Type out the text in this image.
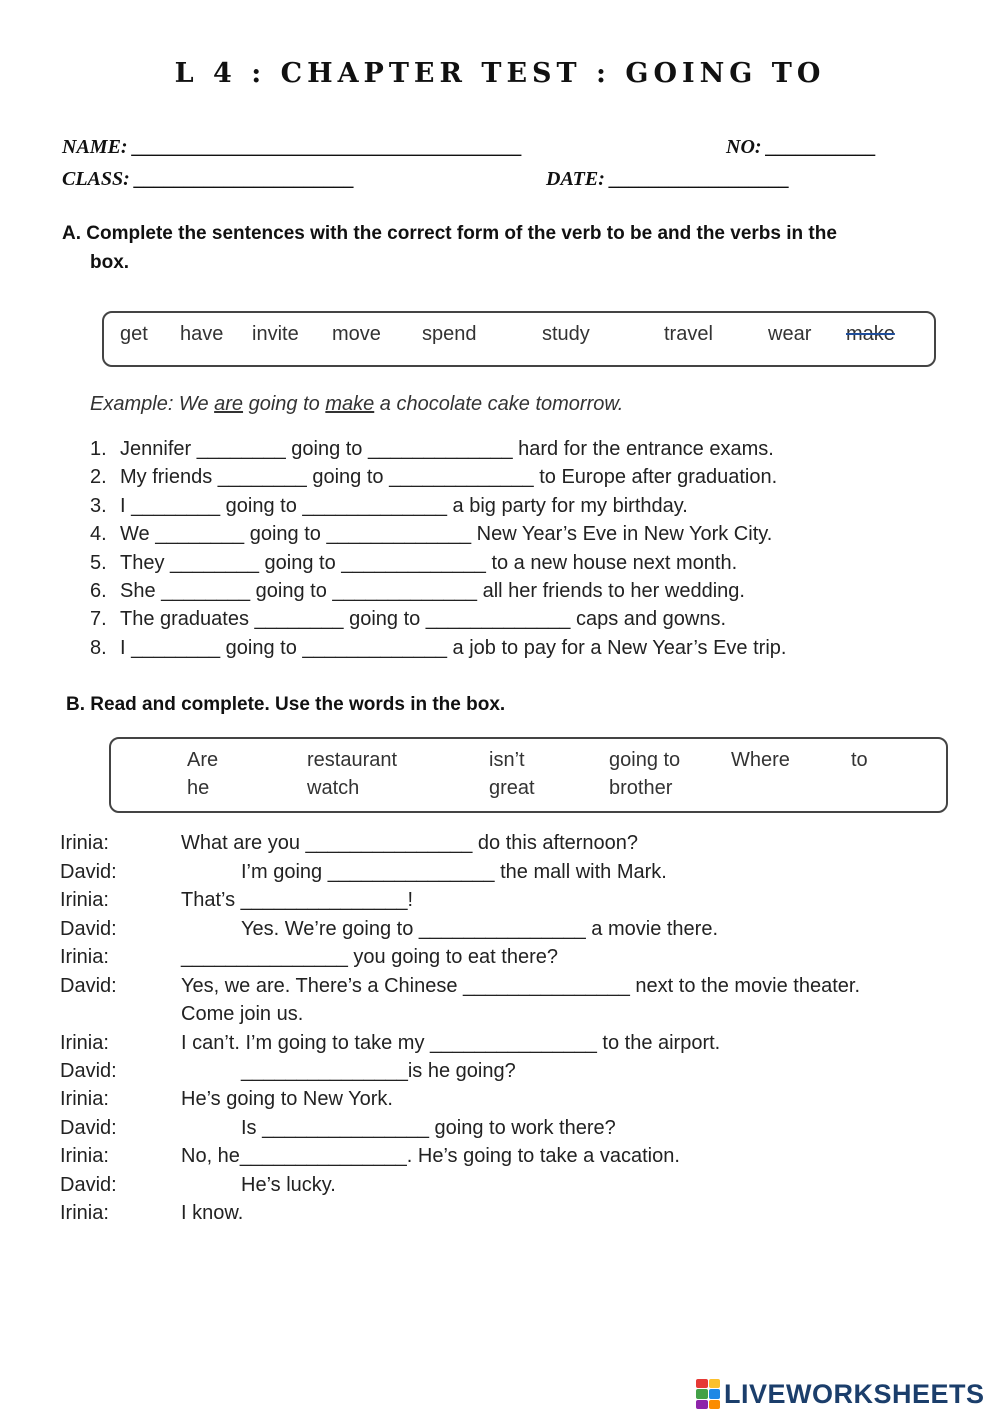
L 4 : CHAPTER TEST : GOING TO
NAME: _______________________________________	NO: ___________
CLASS: ______________________	DATE: __________________
A. Complete the sentences with the correct form of the verb to be and the verbs in the
box.
get have invite move spend	study	travel	wear make
Example: We are going to make a chocolate cake tomorrow.
1. Jennifer ________ going to _____________ hard for the entrance exams.
2. My friends ________ going to _____________ to Europe after graduation.
3. I ________ going to _____________ a big party for my birthday.
4. We ________ going to _____________ New Year’s Eve in New York City.
5. They ________ going to _____________ to a new house next month.
6. She ________ going to _____________ all her friends to her wedding.
7. The graduates ________ going to _____________ caps and gowns.
8. I ________ going to _____________ a job to pay for a New Year’s Eve trip.
B. Read and complete. Use the words in the box.
Are	restaurant	isn’t	going to	Where	to
he	watch	great	brother
Irinia:	What are you _______________ do this afternoon?
David:	I’m going _______________ the mall with Mark.
Irinia:	That’s _______________!
David:	Yes. We’re going to _______________ a movie there.
Irinia:	_______________ you going to eat there?
David:	Yes, we are. There’s a Chinese _______________ next to the movie theater.
Come join us.
Irinia:	I can’t. I’m going to take my _______________ to the airport.
David:	_______________is he going?
Irinia:	He’s going to New York.
David:	Is _______________ going to work there?
Irinia:	No, he_______________. He’s going to take a vacation.
David:	He’s lucky.
Irinia:	I know.
LIVEWORKSHEETS
